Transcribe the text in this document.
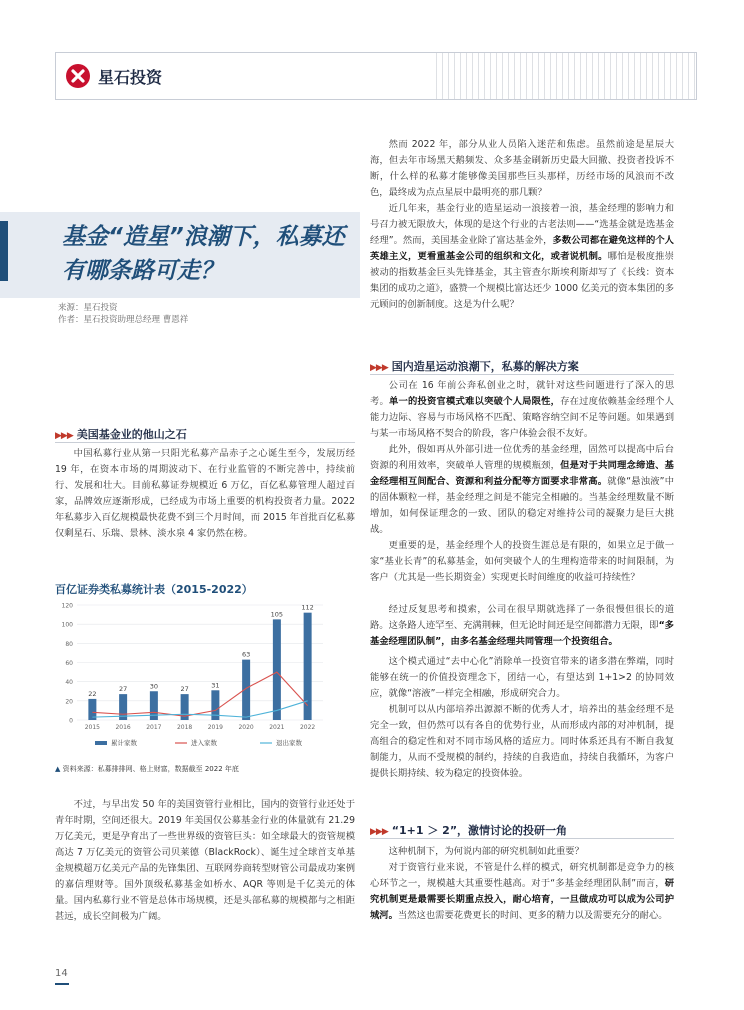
星石投资
基金“造星”浪潮下，私募还有哪条路可走？
来源：星石投资
作者：星石投资助理总经理 曹恩祥
▶▶▶ 美国基金业的他山之石
中国私募行业从第一只阳光私募产品赤子之心诞生至今，发展历经 19 年，在资本市场的周期波动下、在行业监管的不断完善中，持续前行、发展和壮大。目前私募证券规模近 6 万亿，百亿私募管理人超过百家，品牌效应逐渐形成，已经成为市场上重要的机构投资者力量。2022 年私募步入百亿规模最快花费不到三个月时间，而 2015 年首批百亿私募仅剩星石、乐瑞、景林、淡水泉 4 家仍然在榜。
百亿证券类私募统计表（2015-2022）
0
20
40
60
80
100
120
22
2015
27
2016
30
2017
27
2018
31
2019
63
2020
105
2021
112
2022
累计家数	进入家数	退出家数
▲ 资料来源：私募排排网、格上财富，数据截至 2022 年底
不过，与早出发 50 年的美国资管行业相比，国内的资管行业还处于青年时期，空间还很大。2019 年美国仅公募基金行业的体量就有 21.29 万亿美元，更是孕育出了一些世界级的资管巨头：如全球最大的资管规模高达 7 万亿美元的资管公司贝莱德（BlackRock）、诞生过全球首支单基金规模超万亿美元产品的先锋集团、互联网券商转型财管公司最成功案例的嘉信理财等。国外顶级私募基金如桥水、AQR 等则是千亿美元的体量。国内私募行业不管是总体市场规模，还是头部私募的规模都与之相距甚远，成长空间极为广阔。
然而 2022 年，部分从业人员陷入迷茫和焦虑。虽然前途是星辰大海，但去年市场黑天鹅频发、众多基金刷新历史最大回撤、投资者投诉不断，什么样的私募才能够像美国那些巨头那样，历经市场的风浪而不改色，最终成为点点星辰中最明亮的那几颗？
近几年来，基金行业的造星运动一浪接着一浪，基金经理的影响力和号召力被无限放大，体现的是这个行业的古老法则——“选基金就是选基金经理”。然而，美国基金业除了富达基金外，多数公司都在避免这样的个人英雄主义，更看重基金公司的组织和文化，或者说机制。哪怕是极度推崇被动的指数基金巨头先锋基金，其主管查尔斯埃利斯却写了《长线：资本集团的成功之道》，盛赞一个规模比富达还少 1000 亿美元的资本集团的多元顾问的创新制度。这是为什么呢？
▶▶▶ 国内造星运动浪潮下，私募的解决方案
公司在 16 年前公奔私创业之时，就针对这些问题进行了深入的思考。单一的投资官模式难以突破个人局限性，存在过度依赖基金经理个人能力边际、容易与市场风格不匹配、策略容纳空间不足等问题。如果遇到与某一市场风格不契合的阶段，客户体验会很不友好。
此外，假如再从外部引进一位优秀的基金经理，固然可以提高中后台资源的利用效率，突破单人管理的规模瓶颈，但是对于共同理念缔造、基金经理相互间配合、资源和利益分配等方面要求非常高。就像“悬浊液”中的固体颗粒一样，基金经理之间是不能完全相融的。当基金经理数量不断增加，如何保证理念的一致、团队的稳定对维持公司的凝聚力是巨大挑战。
更重要的是，基金经理个人的投资生涯总是有限的，如果立足于做一家“基业长青”的私募基金，如何突破个人的生理构造带来的时间限制，为客户（尤其是一些长期资金）实现更长时间维度的收益可持续性？
经过反复思考和摸索，公司在很早期就选择了一条很慢但很长的道路。这条路人迹罕至、充满荆棘，但无论时间还是空间都潜力无限，即“多基金经理团队制”，由多名基金经理共同管理一个投资组合。
这个模式通过“去中心化”消除单一投资官带来的诸多潜在弊端，同时能够在统一的价值投资理念下，团结一心，有望达到 1+1>2 的协同效应，就像“溶液”一样完全相融，形成研究合力。
机制可以从内部培养出源源不断的优秀人才，培养出的基金经理不是完全一致，但仍然可以有各自的优势行业，从而形成内部的对冲机制，提高组合的稳定性和对不同市场风格的适应力。同时体系还具有不断自我复制能力，从而不受规模的制约，持续的自我造血，持续自我循环，为客户提供长期持续、较为稳定的投资体验。
▶▶▶ “1+1 ＞ 2”，激情讨论的投研一角
这种机制下，为何说内部的研究机制如此重要？
对于资管行业来说，不管是什么样的模式，研究机制都是竞争力的核心环节之一，规模越大其重要性越高。对于“多基金经理团队制”而言，研究机制更是最需要长期重点投入，耐心培育，一旦做成功可以成为公司护城河。当然这也需要花费更长的时间、更多的精力以及需要充分的耐心。
14
